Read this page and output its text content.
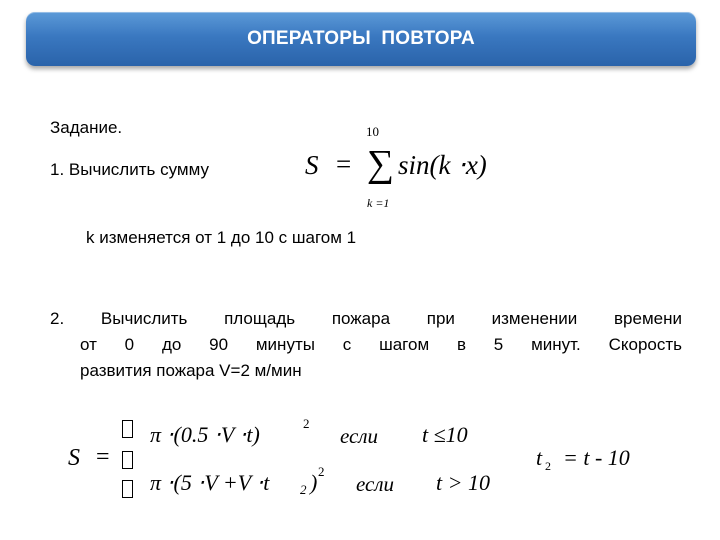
ОПЕРАТОРЫ ПОВТОРА
Задание.
1. Вычислить сумму	S = ∑
10
k =1
sin(k ⋅x)
k изменяется от 1 до 10 с шагом 1
2. Вычислить площадь пожара при изменении времени
от 0 до 90 минуты с шагом в 5 минут. Скорость
развития пожара V=2 м/мин
S =
π ⋅(0.5 ⋅V ⋅t)	2
если t ≤10
π ⋅(5 ⋅V +V ⋅t 2 ) 2
если t > 10
t 2 = t - 10
